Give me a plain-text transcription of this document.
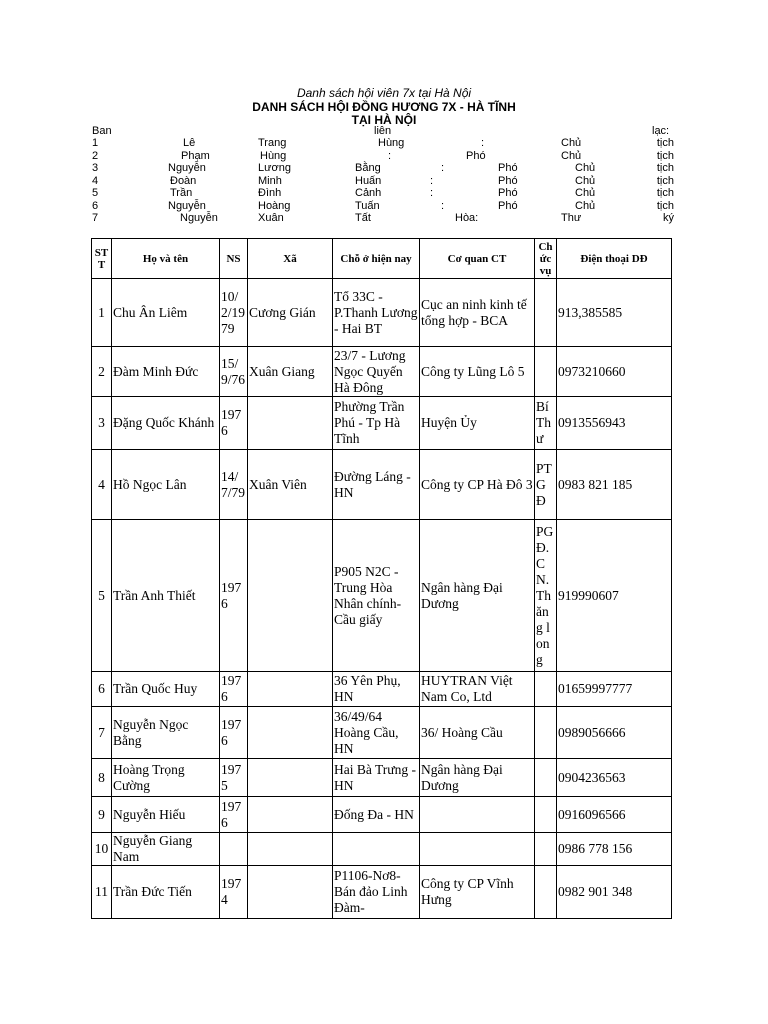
Danh sách hội viên 7x tại Hà Nội
DANH SÁCH HỘI ĐỒNG HƯƠNG 7X - HÀ TĨNH
TẠI HÀ NỘI
Ban	liên	lạc:
1	Lê	Trang	Hùng	:	Chủ	tịch
2	Phạm	Hùng	:	Phó	Chủ	tịch
3	Nguyễn	Lương	Bằng	:	Phó	Chủ	tịch
4	Đoàn	Minh	Huấn	:	Phó	Chủ	tịch
5	Trần	Đình	Cảnh	:	Phó	Chủ	tịch
6	Nguyễn	Hoàng	Tuấn	:	Phó	Chủ	tịch
7	Nguyễn	Xuân	Tất	Hòa:	Thư	ký
STT	Họ và tên	NS	Xã	Chỗ ở hiện nay	Cơ quan CT	Chức vụ	Điện thoại DĐ
1	Chu Ân Liêm	10/2/1979	Cương Gián	Tổ 33C - P.Thanh Lương - Hai BT	Cục an ninh kinh tế tổng hợp - BCA		913,385585
2	Đàm Minh Đức	15/9/76	Xuân Giang	23/7 - Lương Ngọc Quyến Hà Đông	Công ty Lũng Lô 5		0973210660
3	Đặng Quốc Khánh	1976		Phường Trần Phú - Tp Hà Tĩnh	Huyện Ủy	Bí Thư	0913556943
4	Hồ Ngọc Lân	14/7/79	Xuân Viên	Đường Láng - HN	Công ty CP Hà Đô 3	PTGĐ	0983 821 185
5	Trần Anh Thiết	1976		P905 N2C - Trung Hòa Nhân chính- Cầu giấy	Ngân hàng Đại Dương	PGĐ.CN.Thăng long	919990607
6	Trần Quốc Huy	1976		36 Yên Phụ, HN	HUYTRAN Việt Nam Co, Ltd		01659997777
7	Nguyễn Ngọc Bằng	1976		36/49/64 Hoàng Cầu, HN	36/ Hoàng Cầu		0989056666
8	Hoàng Trọng Cường	1975		Hai Bà Trưng - HN	Ngân hàng Đại Dương		0904236563
9	Nguyễn Hiếu	1976		Đống Đa - HN			0916096566
10	Nguyễn Giang Nam						0986 778 156
11	Trần Đức Tiến	1974		P1106-Nơ8-Bán đảo Linh Đàm-	Công ty CP Vĩnh Hưng		0982 901 348
